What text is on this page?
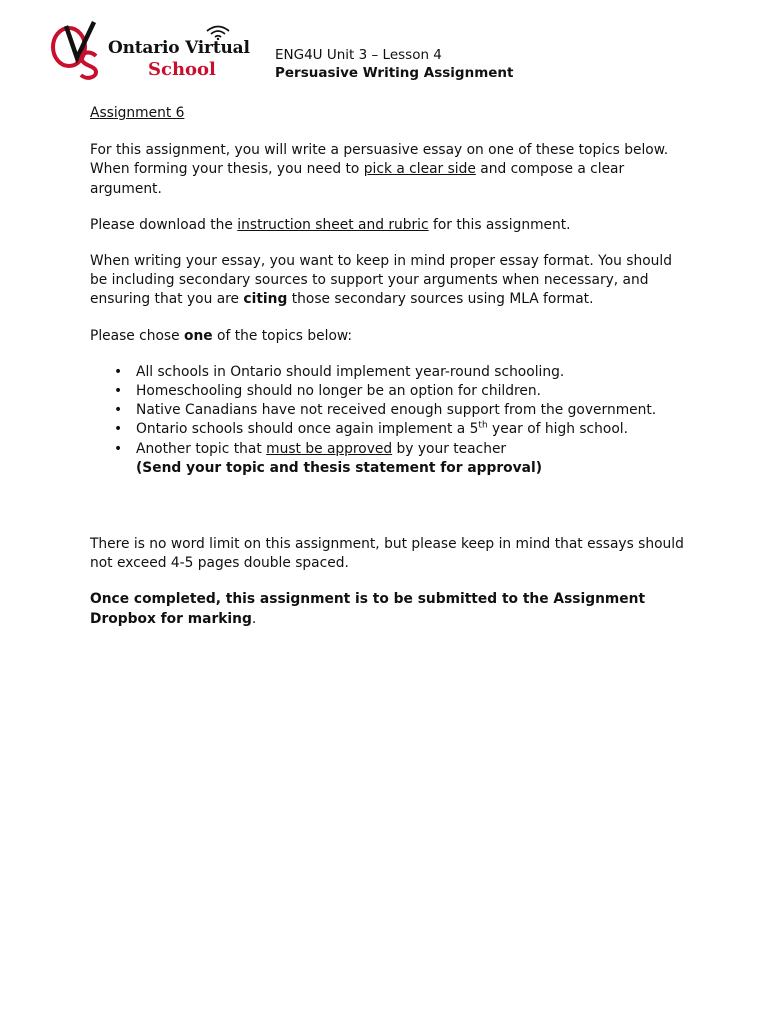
Ontario Virtual
School
ENG4U Unit 3 – Lesson 4
Persuasive Writing Assignment

Assignment 6

For this assignment, you will write a persuasive essay on one of these topics below. When forming your thesis, you need to pick a clear side and compose a clear argument.

Please download the instruction sheet and rubric for this assignment.

When writing your essay, you want to keep in mind proper essay format. You should be including secondary sources to support your arguments when necessary, and ensuring that you are citing those secondary sources using MLA format.

Please chose one of the topics below:

• All schools in Ontario should implement year-round schooling.
• Homeschooling should no longer be an option for children.
• Native Canadians have not received enough support from the government.
• Ontario schools should once again implement a 5th year of high school.
• Another topic that must be approved by your teacher

(Send your topic and thesis statement for approval)

There is no word limit on this assignment, but please keep in mind that essays should not exceed 4-5 pages double spaced.

Once completed, this assignment is to be submitted to the Assignment Dropbox for marking.
